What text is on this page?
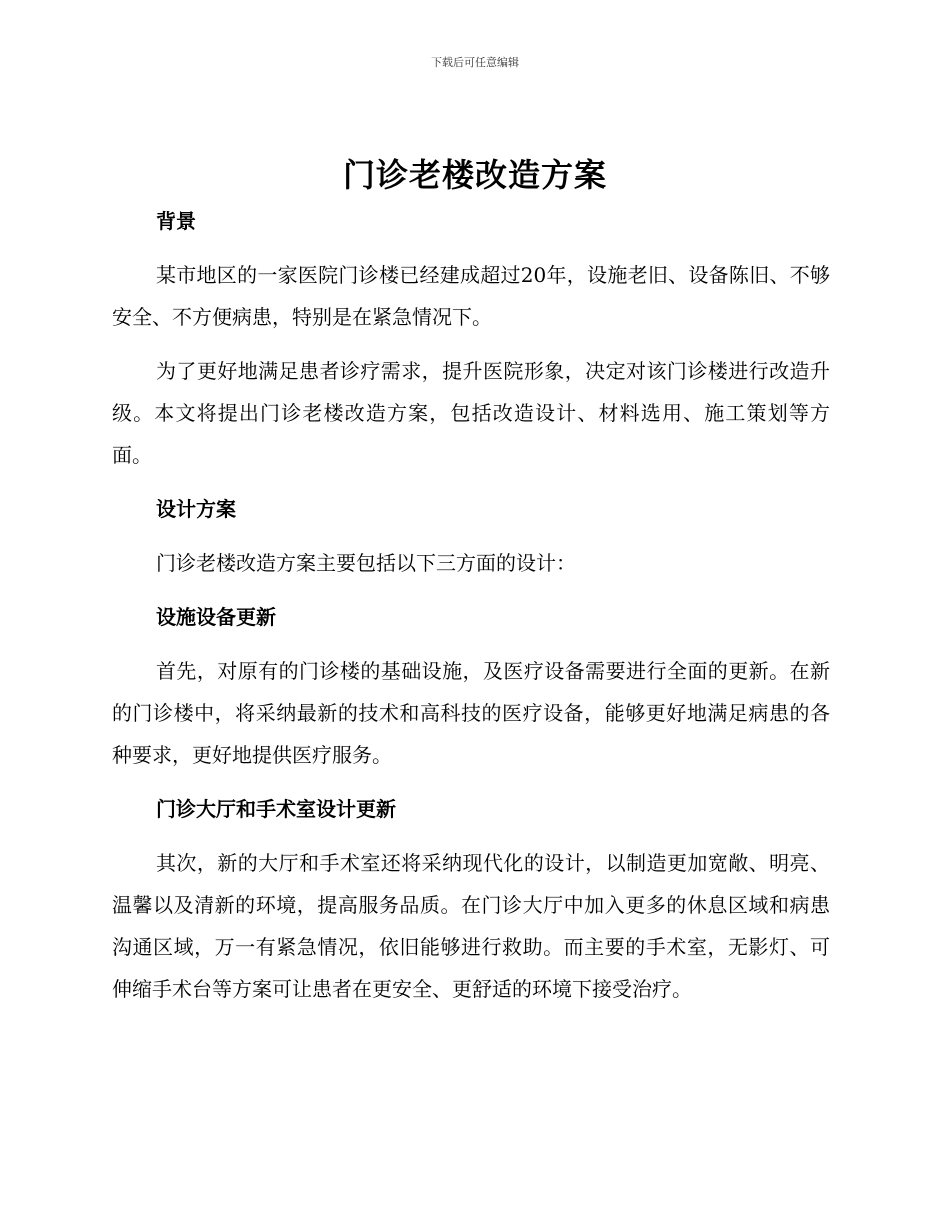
下载后可任意编辑
门诊老楼改造方案
背景

某市地区的一家医院门诊楼已经建成超过20年，设施老旧、设备陈旧、不够安全、不方便病患，特别是在紧急情况下。

为了更好地满足患者诊疗需求，提升医院形象，决定对该门诊楼进行改造升级。本文将提出门诊老楼改造方案，包括改造设计、材料选用、施工策划等方面。

设计方案

门诊老楼改造方案主要包括以下三方面的设计：

设施设备更新

首先，对原有的门诊楼的基础设施，及医疗设备需要进行全面的更新。在新的门诊楼中，将采纳最新的技术和高科技的医疗设备，能够更好地满足病患的各种要求，更好地提供医疗服务。

门诊大厅和手术室设计更新

其次，新的大厅和手术室还将采纳现代化的设计，以制造更加宽敞、明亮、温馨以及清新的环境，提高服务品质。在门诊大厅中加入更多的休息区域和病患沟通区域，万一有紧急情况，依旧能够进行救助。而主要的手术室，无影灯、可伸缩手术台等方案可让患者在更安全、更舒适的环境下接受治疗。
